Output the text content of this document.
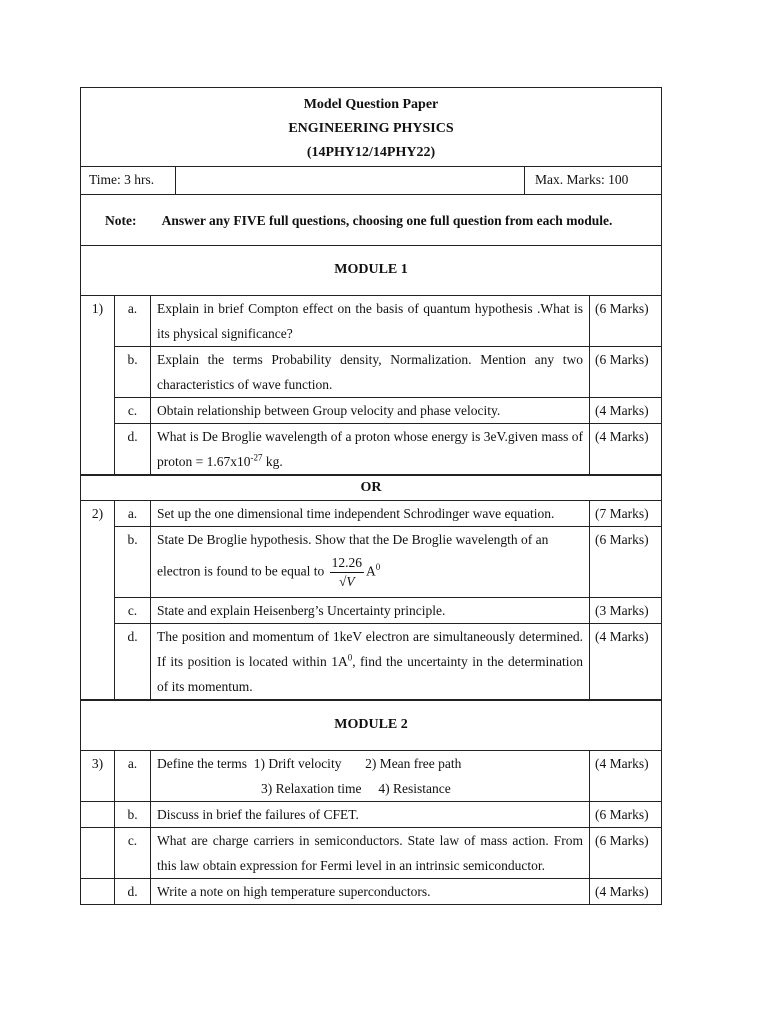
Model Question Paper
ENGINEERING PHYSICS
(14PHY12/14PHY22)
Time: 3 hrs.	Max. Marks: 100
Note: Answer any FIVE full questions, choosing one full question from each module.
MODULE 1
1)	a.	Explain in brief Compton effect on the basis of quantum hypothesis .What is its physical significance?	(6 Marks)
	b.	Explain the terms Probability density, Normalization. Mention any two characteristics of wave function.	(6 Marks)
	c.	Obtain relationship between Group velocity and phase velocity.	(4 Marks)
	d.	What is De Broglie wavelength of a proton whose energy is 3eV.given mass of proton = $1.67x10^{-27}$ kg.	(4 Marks)
OR
2)	a.	Set up the one dimensional time independent Schrodinger wave equation.	(7 Marks)
	b.	State De Broglie hypothesis. Show that the De Broglie wavelength of an
electron is found to be equal to $\frac{12.26}{√V} A^0$	(6 Marks)
	c.	State and explain Heisenberg’s Uncertainty principle.	(3 Marks)
	d.	The position and momentum of 1keV electron are simultaneously determined. If its position is located within $1A^0$, find the uncertainty in the determination of its momentum.	(4 Marks)
MODULE 2
3)	a.	Define the terms  1) Drift velocity       2) Mean free path
3) Relaxation time     4) Resistance	(4 Marks)
	b.	Discuss in brief the failures of CFET.	(6 Marks)
	c.	What are charge carriers in semiconductors. State law of mass action. From this law obtain expression for Fermi level in an intrinsic semiconductor.	(6 Marks)
	d.	Write a note on high temperature superconductors.	(4 Marks)
